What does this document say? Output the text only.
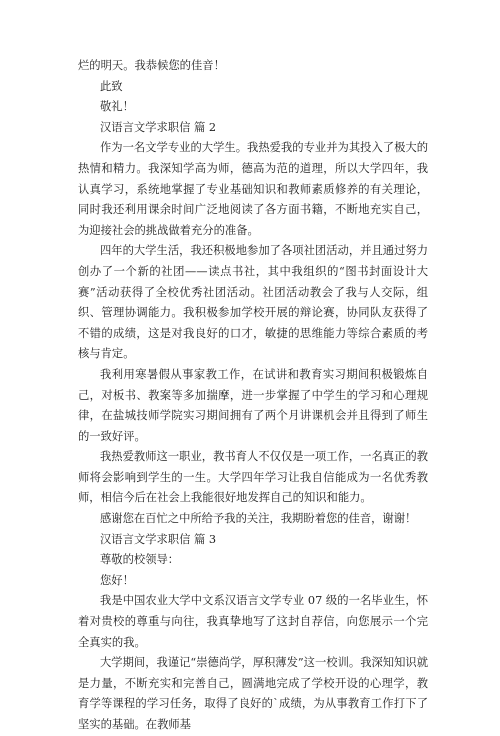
烂的明天。我恭候您的佳音！
此致
敬礼！
汉语言文学求职信 篇 2
作为一名文学专业的大学生。我热爱我的专业并为其投入了极大的热情和精力。我深知学高为师，德高为范的道理，所以大学四年，我认真学习，系统地掌握了专业基础知识和教师素质修养的有关理论，同时我还利用课余时间广泛地阅读了各方面书籍，不断地充实自己，为迎接社会的挑战做着充分的准备。
四年的大学生活，我还积极地参加了各项社团活动，并且通过努力创办了一个新的社团——读点书社，其中我组织的“图书封面设计大赛”活动获得了全校优秀社团活动。社团活动教会了我与人交际，组织、管理协调能力。我积极参加学校开展的辩论赛，协同队友获得了不错的成绩，这是对我良好的口才，敏捷的思维能力等综合素质的考核与肯定。
我利用寒暑假从事家教工作，在试讲和教育实习期间积极锻炼自己，对板书、教案等多加揣摩，进一步掌握了中学生的学习和心理规律，在盐城技师学院实习期间拥有了两个月讲课机会并且得到了师生的一致好评。
我热爱教师这一职业，教书育人不仅仅是一项工作，一名真正的教师将会影响到学生的一生。大学四年学习让我自信能成为一名优秀教师，相信今后在社会上我能很好地发挥自己的知识和能力。
感谢您在百忙之中所给予我的关注，我期盼着您的佳音，谢谢！
汉语言文学求职信 篇 3
尊敬的校领导：
您好！
我是中国农业大学中文系汉语言文学专业 07 级的一名毕业生，怀着对贵校的尊重与向往，我真挚地写了这封自荐信，向您展示一个完全真实的我。
大学期间，我谨记“崇德尚学，厚积薄发”这一校训。我深知知识就是力量，不断充实和完善自己，圆满地完成了学校开设的心理学，教育学等课程的学习任务，取得了良好的`成绩，为从事教育工作打下了坚实的基础。在教师基
